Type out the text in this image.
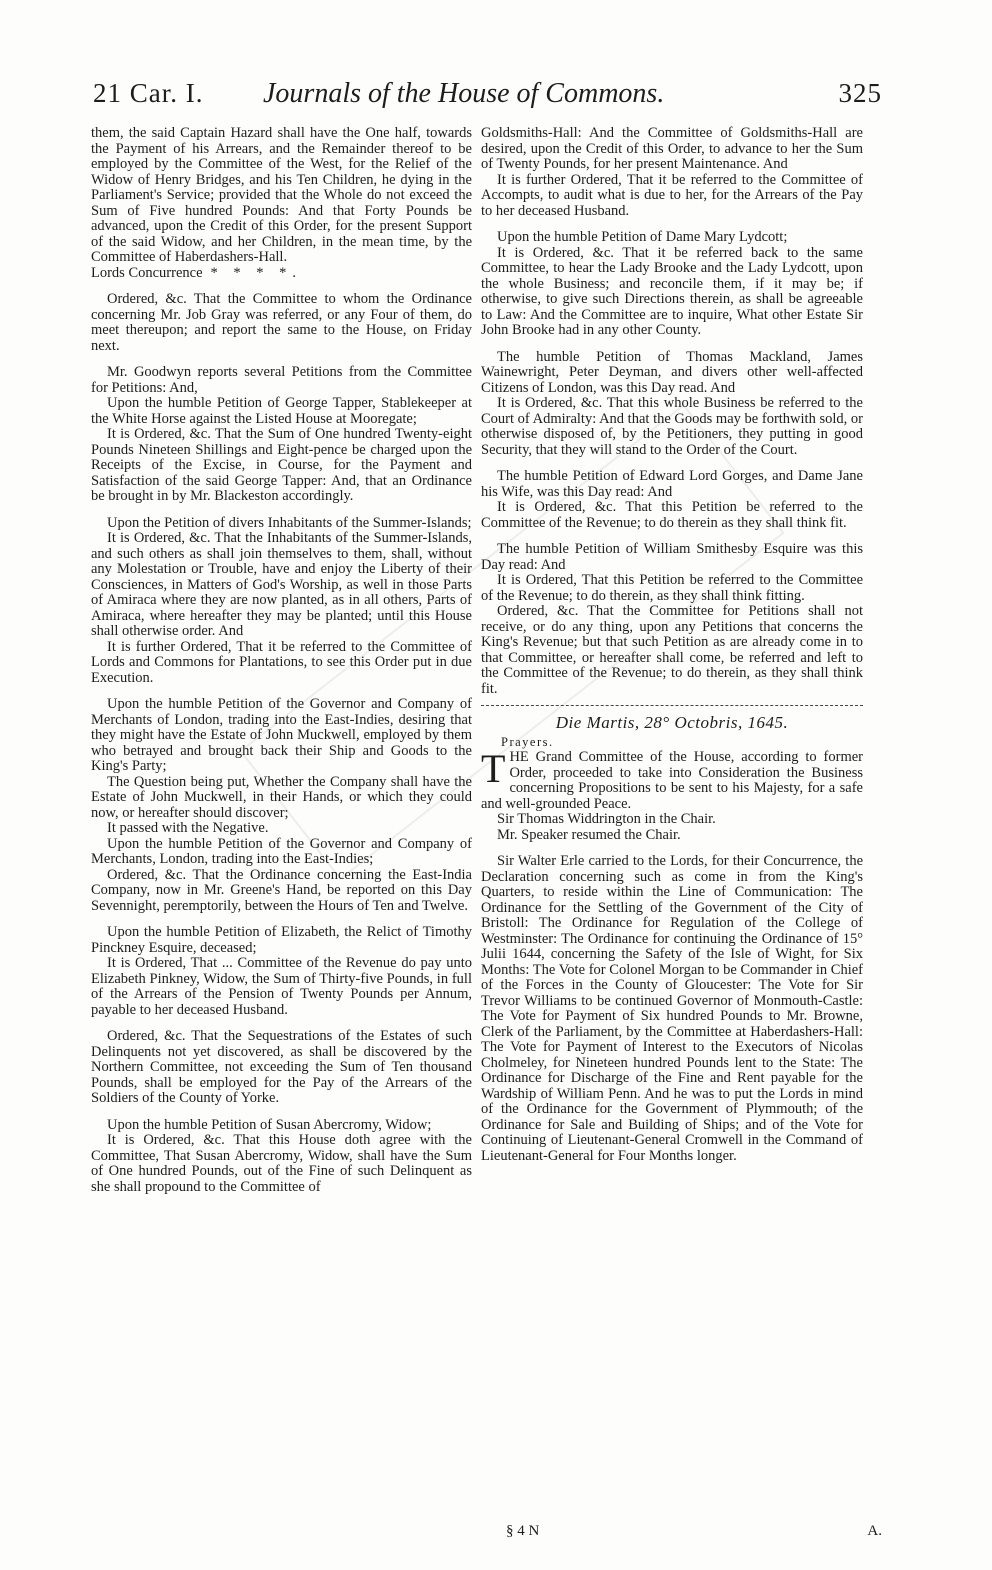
21 Car. I. Journals of the House of Commons.	325

them, the said Captain Hazard shall have the One half, towards the Payment of his Arrears, and the Remainder thereof to be employed by the Committee of the West, for the Relief of the Widow of Henry Bridges, and his Ten Children, he dying in the Parliament's Service; provided that the Whole do not exceed the Sum of Five hundred Pounds: And that Forty Pounds be advanced, upon the Credit of this Order, for the present Support of the said Widow, and her Children, in the mean time, by the Committee of Haberdashers-Hall.

Lords Concurrence * * * *.

Ordered, &c. That the Committee to whom the Ordinance concerning Mr. Job Gray was referred, or any Four of them, do meet thereupon; and report the same to the House, on Friday next.

Mr. Goodwyn reports several Petitions from the Committee for Petitions: And,

Upon the humble Petition of George Tapper, Stablekeeper at the White Horse against the Listed House at Mooregate;

It is Ordered, &c. That the Sum of One hundred Twenty-eight Pounds Nineteen Shillings and Eight-pence be charged upon the Receipts of the Excise, in Course, for the Payment and Satisfaction of the said George Tapper: And, that an Ordinance be brought in by Mr. Blackeston accordingly.

Upon the Petition of divers Inhabitants of the Summer-Islands;

It is Ordered, &c. That the Inhabitants of the Summer-Islands, and such others as shall join themselves to them, shall, without any Molestation or Trouble, have and enjoy the Liberty of their Consciences, in Matters of God's Worship, as well in those Parts of Amiraca where they are now planted, as in all others, Parts of Amiraca, where hereafter they may be planted; until this House shall otherwise order. And

It is further Ordered, That it be referred to the Committee of Lords and Commons for Plantations, to see this Order put in due Execution.

Upon the humble Petition of the Governor and Company of Merchants of London, trading into the East-Indies, desiring that they might have the Estate of John Muckwell, employed by them who betrayed and brought back their Ship and Goods to the King's Party;

The Question being put, Whether the Company shall have the Estate of John Muckwell, in their Hands, or which they could now, or hereafter should discover;

It passed with the Negative.

Upon the humble Petition of the Governor and Company of Merchants, London, trading into the East-Indies;

Ordered, &c. That the Ordinance concerning the East-India Company, now in Mr. Greene's Hand, be reported on this Day Sevennight, peremptorily, between the Hours of Ten and Twelve.

Upon the humble Petition of Elizabeth, the Relict of Timothy Pinckney Esquire, deceased;

It is Ordered, That ... Committee of the Revenue do pay unto Elizabeth Pinkney, Widow, the Sum of Thirty-five Pounds, in full of the Arrears of the Pension of Twenty Pounds per Annum, payable to her deceased Husband.

Ordered, &c. That the Sequestrations of the Estates of such Delinquents not yet discovered, as shall be discovered by the Northern Committee, not exceeding the Sum of Ten thousand Pounds, shall be employed for the Pay of the Arrears of the Soldiers of the County of Yorke.

Upon the humble Petition of Susan Abercromy, Widow;

It is Ordered, &c. That this House doth agree with the Committee, That Susan Abercromy, Widow, shall have the Sum of One hundred Pounds, out of the Fine of such Delinquent as she shall propound to the Committee of

Goldsmiths-Hall: And the Committee of Goldsmiths-Hall are desired, upon the Credit of this Order, to advance to her the Sum of Twenty Pounds, for her present Maintenance. And

It is further Ordered, That it be referred to the Committee of Accompts, to audit what is due to her, for the Arrears of the Pay to her deceased Husband.

Upon the humble Petition of Dame Mary Lydcott;

It is Ordered, &c. That it be referred back to the same Committee, to hear the Lady Brooke and the Lady Lydcott, upon the whole Business; and reconcile them, if it may be; if otherwise, to give such Directions therein, as shall be agreeable to Law: And the Committee are to inquire, What other Estate Sir John Brooke had in any other County.

The humble Petition of Thomas Mackland, James Wainewright, Peter Deyman, and divers other well-affected Citizens of London, was this Day read. And

It is Ordered, &c. That this whole Business be referred to the Court of Admiralty: And that the Goods may be forthwith sold, or otherwise disposed of, by the Petitioners, they putting in good Security, that they will stand to the Order of the Court.

The humble Petition of Edward Lord Gorges, and Dame Jane his Wife, was this Day read: And

It is Ordered, &c. That this Petition be referred to the Committee of the Revenue; to do therein as they shall think fit.

The humble Petition of William Smithesby Esquire was this Day read: And

It is Ordered, That this Petition be referred to the Committee of the Revenue; to do therein, as they shall think fitting.

Ordered, &c. That the Committee for Petitions shall not receive, or do any thing, upon any Petitions that concerns the King's Revenue; but that such Petition as are already come in to that Committee, or hereafter shall come, be referred and left to the Committee of the Revenue; to do therein, as they shall think fit.

Die Martis, 28° Octobris, 1645.
Prayers.

THE Grand Committee of the House, according to former Order, proceeded to take into Consideration the Business concerning Propositions to be sent to his Majesty, for a safe and well-grounded Peace.

Sir Thomas Widdrington in the Chair.

Mr. Speaker resumed the Chair.

Sir Walter Erle carried to the Lords, for their Concurrence, the Declaration concerning such as come in from the King's Quarters, to reside within the Line of Communication: The Ordinance for the Settling of the Government of the City of Bristoll: The Ordinance for Regulation of the College of Westminster: The Ordinance for continuing the Ordinance of 15° Julii 1644, concerning the Safety of the Isle of Wight, for Six Months: The Vote for Colonel Morgan to be Commander in Chief of the Forces in the County of Gloucester: The Vote for Sir Trevor Williams to be continued Governor of Monmouth-Castle: The Vote for Payment of Six hundred Pounds to Mr. Browne, Clerk of the Parliament, by the Committee at Haberdashers-Hall: The Vote for Payment of Interest to the Executors of Nicolas Cholmeley, for Nineteen hundred Pounds lent to the State: The Ordinance for Discharge of the Fine and Rent payable for the Wardship of William Penn. And he was to put the Lords in mind of the Ordinance for the Government of Plymmouth; of the Ordinance for Sale and Building of Ships; and of the Vote for Continuing of Lieutenant-General Cromwell in the Command of Lieutenant-General for Four Months longer.

§ 4 N	A.
